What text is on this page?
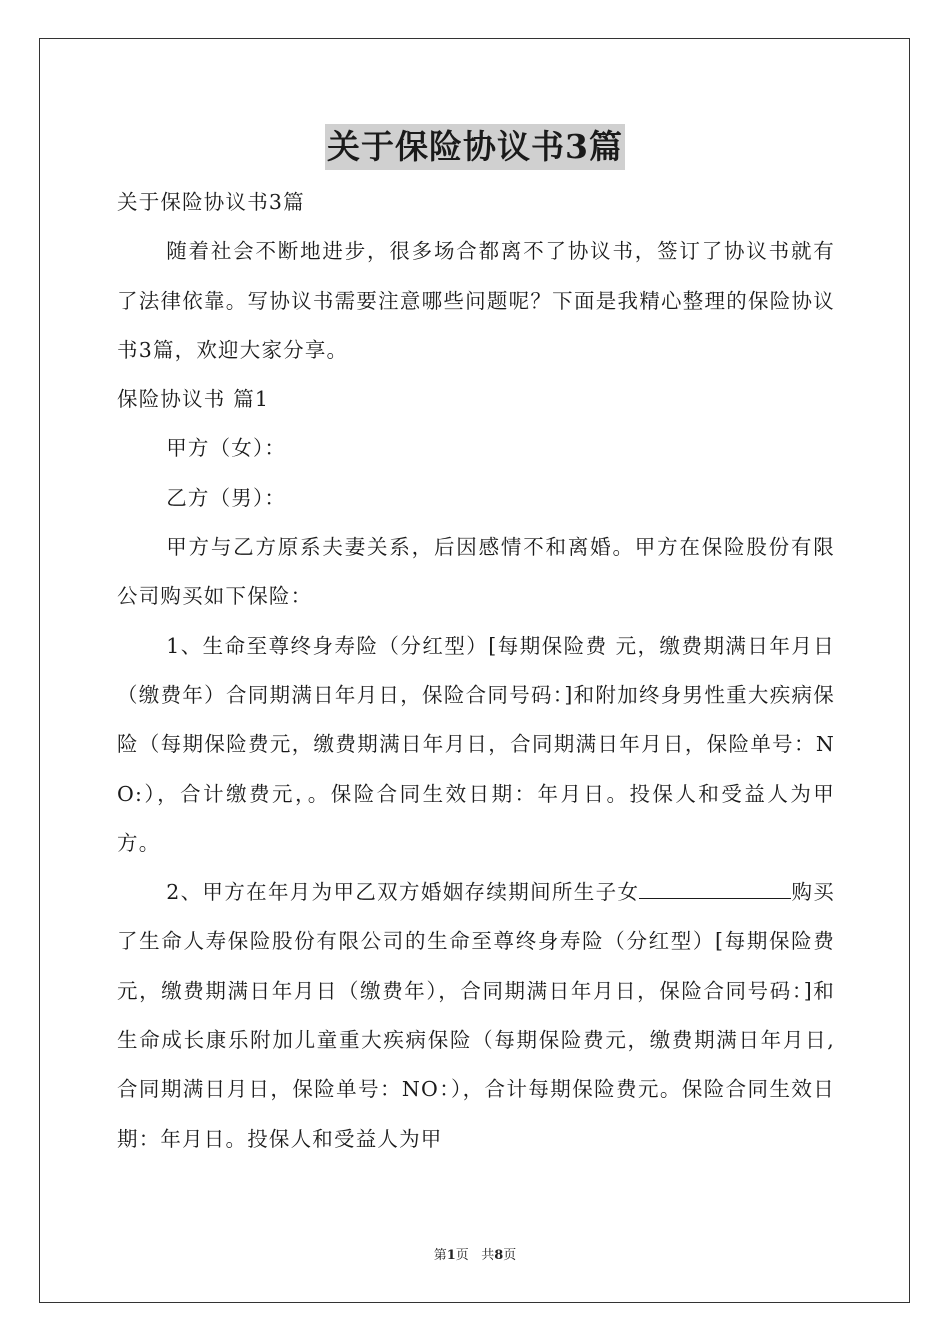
关于保险协议书3篇

关于保险协议书3篇

随着社会不断地进步，很多场合都离不了协议书，签订了协议书就有了法律依靠。写协议书需要注意哪些问题呢？下面是我精心整理的保险协议书3篇，欢迎大家分享。

保险协议书 篇1

甲方（女）：

乙方（男）：

甲方与乙方原系夫妻关系，后因感情不和离婚。甲方在保险股份有限公司购买如下保险：

1、生命至尊终身寿险（分红型）[每期保险费 元，缴费期满日年月日（缴费年）合同期满日年月日，保险合同号码：]和附加终身男性重大疾病保险（每期保险费元，缴费期满日年月日，合同期满日年月日，保险单号：NO:），合计缴费元，。保险合同生效日期：年月日。投保人和受益人为甲方。

2、甲方在年月为甲乙双方婚姻存续期间所生子女	购买了生命人寿保险股份有限公司的生命至尊终身寿险（分红型）[每期保险费元，缴费期满日年月日（缴费年），合同期满日年月日，保险合同号码：]和生命成长康乐附加儿童重大疾病保险（每期保险费元，缴费期满日年月日,合同期满日月日，保险单号：NO：），合计每期保险费元。保险合同生效日期：年月日。投保人和受益人为甲

第1页 共8页
